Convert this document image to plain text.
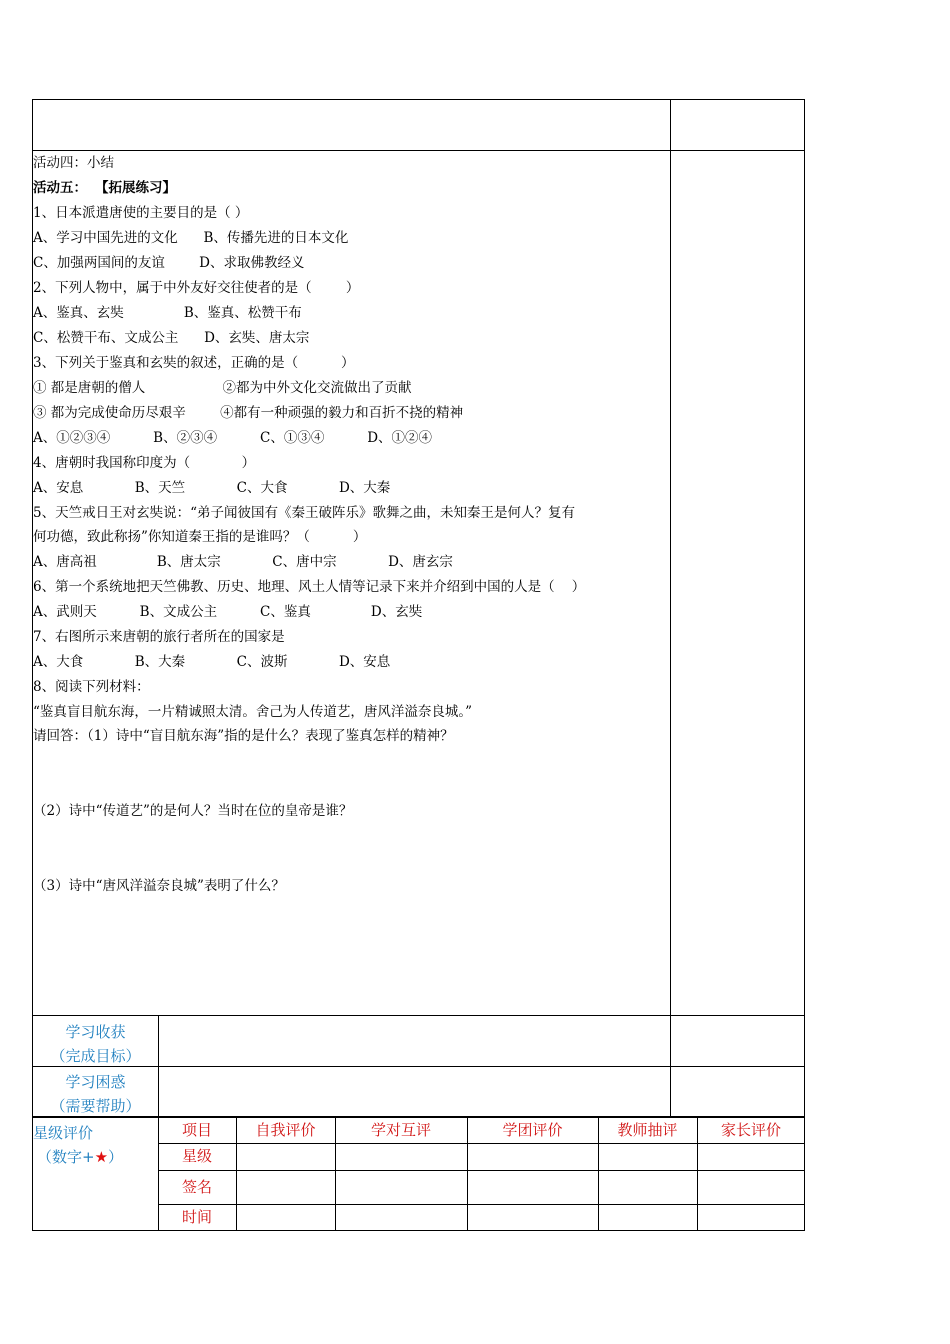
活动四：小结
活动五： 【拓展练习】
1、日本派遣唐使的主要目的是（ ）
A、学习中国先进的文化      B、传播先进的日本文化
C、加强两国间的友谊        D、求取佛教经义
2、下列人物中，属于中外友好交往使者的是（        ）
A、鉴真、玄奘              B、鉴真、松赞干布
C、松赞干布、文成公主      D、玄奘、唐太宗
3、下列关于鉴真和玄奘的叙述，正确的是（          ）
① 都是唐朝的僧人                  ②都为中外文化交流做出了贡献
③ 都为完成使命历尽艰辛        ④都有一种顽强的毅力和百折不挠的精神
A、①②③④          B、②③④          C、①③④          D、①②④
4、唐朝时我国称印度为（            ）
A、安息            B、天竺            C、大食            D、大秦
5、天竺戒日王对玄奘说：“弟子闻彼国有《秦王破阵乐》歌舞之曲，未知秦王是何人？复有
何功德，致此称扬”你知道秦王指的是谁吗？（          ）
A、唐高祖              B、唐太宗            C、唐中宗            D、唐玄宗
6、第一个系统地把天竺佛教、历史、地理、风土人情等记录下来并介绍到中国的人是（    ）
A、武则天          B、文成公主          C、鉴真              D、玄奘
7、右图所示来唐朝的旅行者所在的国家是
A、大食            B、大秦            C、波斯            D、安息
8、阅读下列材料：
“鉴真盲目航东海，一片精诚照太清。舍己为人传道艺，唐风洋溢奈良城。”
请回答：（1）诗中“盲目航东海”指的是什么？表现了鉴真怎样的精神？
（2）诗中“传道艺”的是何人？当时在位的皇帝是谁？
（3）诗中“唐风洋溢奈良城”表明了什么？
学习收获
（完成目标）
学习困惑
（需要帮助）
星级评价
（数字+★）
项目	自我评价	学对互评	学团评价	教师抽评	家长评价
星级
签名
时间
